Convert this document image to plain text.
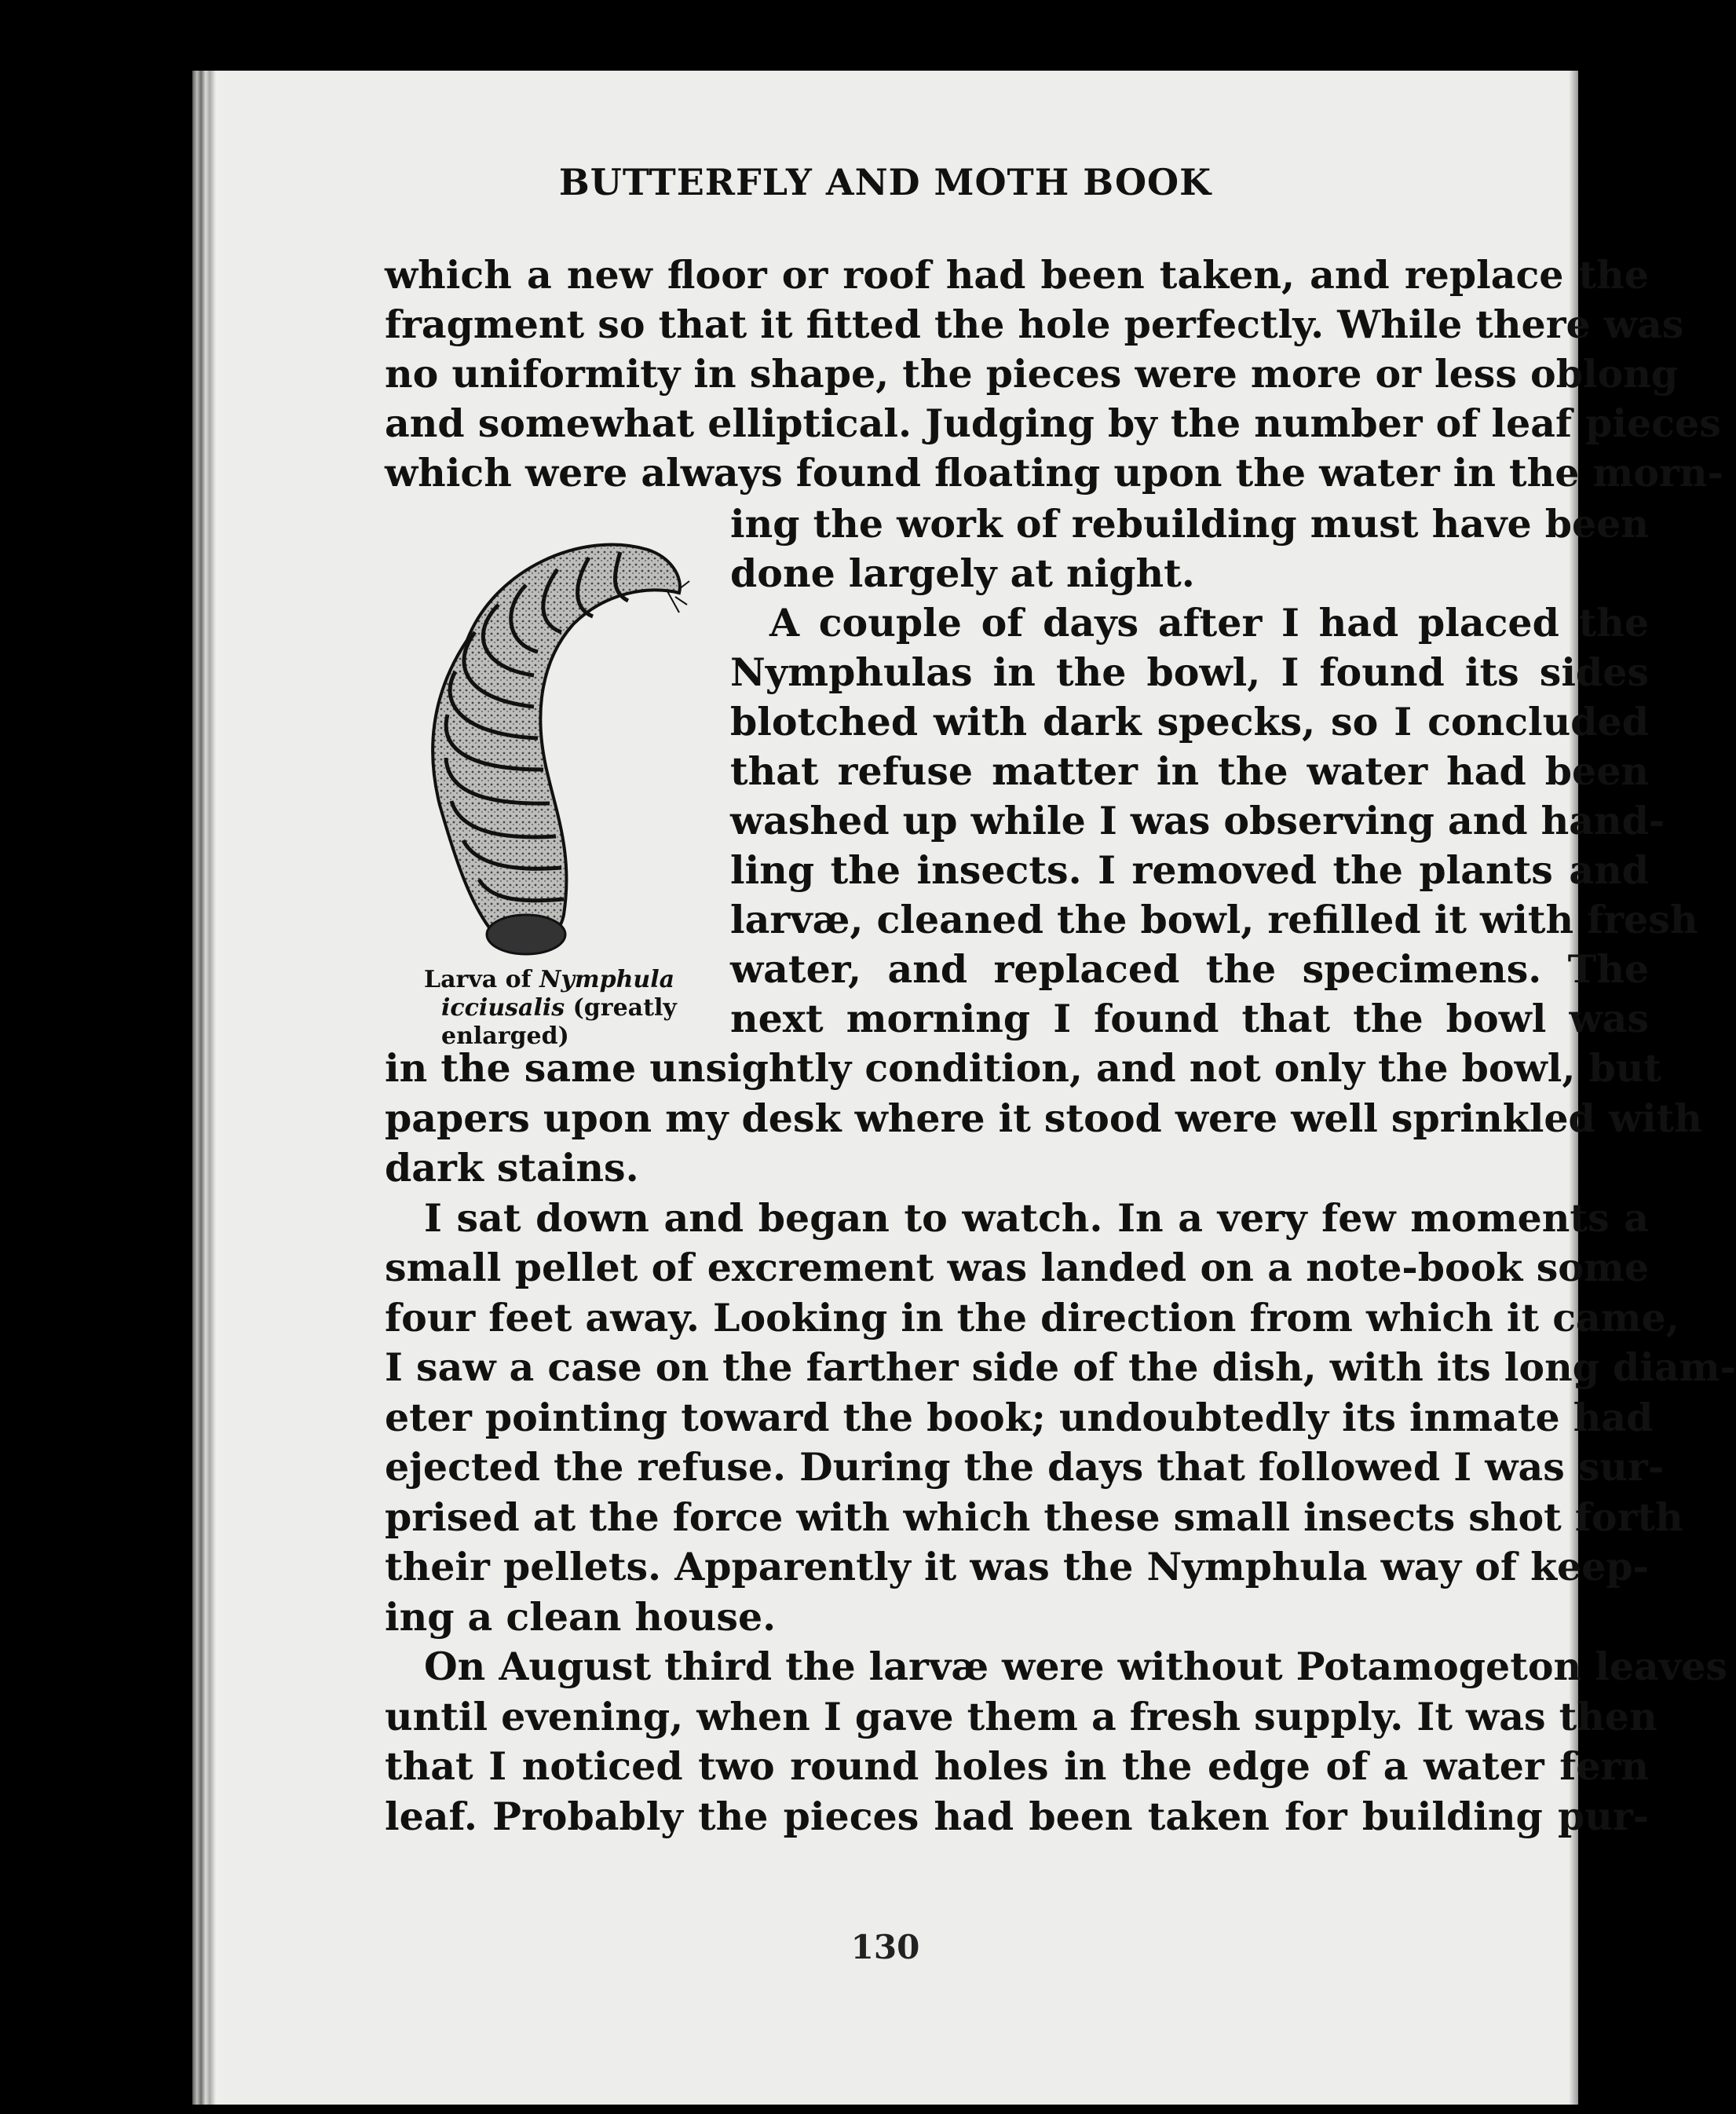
BUTTERFLY AND MOTH BOOK
which a new floor or roof had been taken, and replace the
fragment so that it fitted the hole perfectly. While there was
no uniformity in shape, the pieces were more or less oblong
and somewhat elliptical. Judging by the number of leaf pieces
which were always found floating upon the water in the morn-
ing the work of rebuilding must have been
done largely at night.
A couple of days after I had placed the
Nymphulas in the bowl, I found its sides
blotched with dark specks, so I concluded
that refuse matter in the water had been
washed up while I was observing and hand-
ling the insects. I removed the plants and
larvæ, cleaned the bowl, refilled it with fresh
water, and replaced the specimens. The
next morning I found that the bowl was
in the same unsightly condition, and not only the bowl, but
papers upon my desk where it stood were well sprinkled with
dark stains.
I sat down and began to watch. In a very few moments a
small pellet of excrement was landed on a note-book some
four feet away. Looking in the direction from which it came,
I saw a case on the farther side of the dish, with its long diam-
eter pointing toward the book; undoubtedly its inmate had
ejected the refuse. During the days that followed I was sur-
prised at the force with which these small insects shot forth
their pellets. Apparently it was the Nymphula way of keep-
ing a clean house.
On August third the larvæ were without Potamogeton leaves
until evening, when I gave them a fresh supply. It was then
that I noticed two round holes in the edge of a water fern
leaf. Probably the pieces had been taken for building pur-
Larva of Nymphula
icciusalis (greatly
enlarged)
130
